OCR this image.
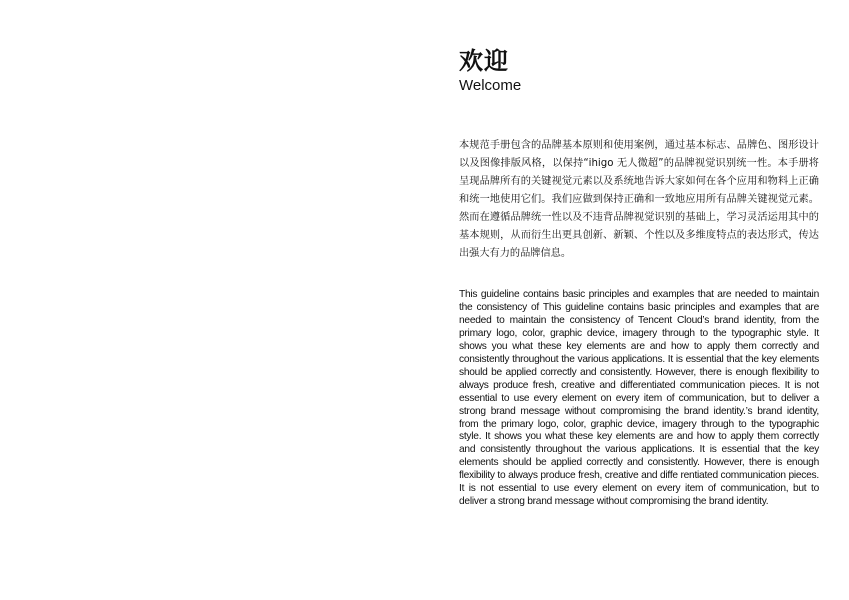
欢迎
Welcome

本规范手册包含的品牌基本原则和使用案例，通过基本标志、品牌色、图形设计以及图像排版风格，以保持“ihigo 无人微超”的品牌视觉识别统一性。本手册将呈现品牌所有的关键视觉元素以及系统地告诉大家如何在各个应用和物料上正确和统一地使用它们。我们应做到保持正确和一致地应用所有品牌关键视觉元素。然而在遵循品牌统一性以及不违背品牌视觉识别的基础上，学习灵活运用其中的基本规则，从而衍生出更具创新、新颖、个性以及多维度特点的表达形式，传达出强大有力的品牌信息。

This guideline contains basic principles and examples that are needed to maintain the consistency of This guideline contains basic principles and examples that are needed to maintain the consistency of Tencent Cloud’s brand identity, from the primary logo, color, graphic device, imagery through to the typographic style. It shows you what these key elements are and how to apply them correctly and consistently throughout the various applications. It is essential that the key elements should be applied correctly and consistently. However, there is enough flexibility to always produce fresh, creative and differentiated communication pieces. It is not essential to use every element on every item of communication, but to deliver a strong brand message without compromising the brand identity.’s brand identity, from the primary logo, color, graphic device, imagery through to the typographic style. It shows you what these key elements are and how to apply them correctly and consistently throughout the various applications. It is essential that the key elements should be applied correctly and consistently. However, there is enough flexibility to always produce fresh, creative and diffe rentiated communication pieces. It is not essential to use every element on every item of communication, but to deliver a strong brand message without compromising the brand identity.
